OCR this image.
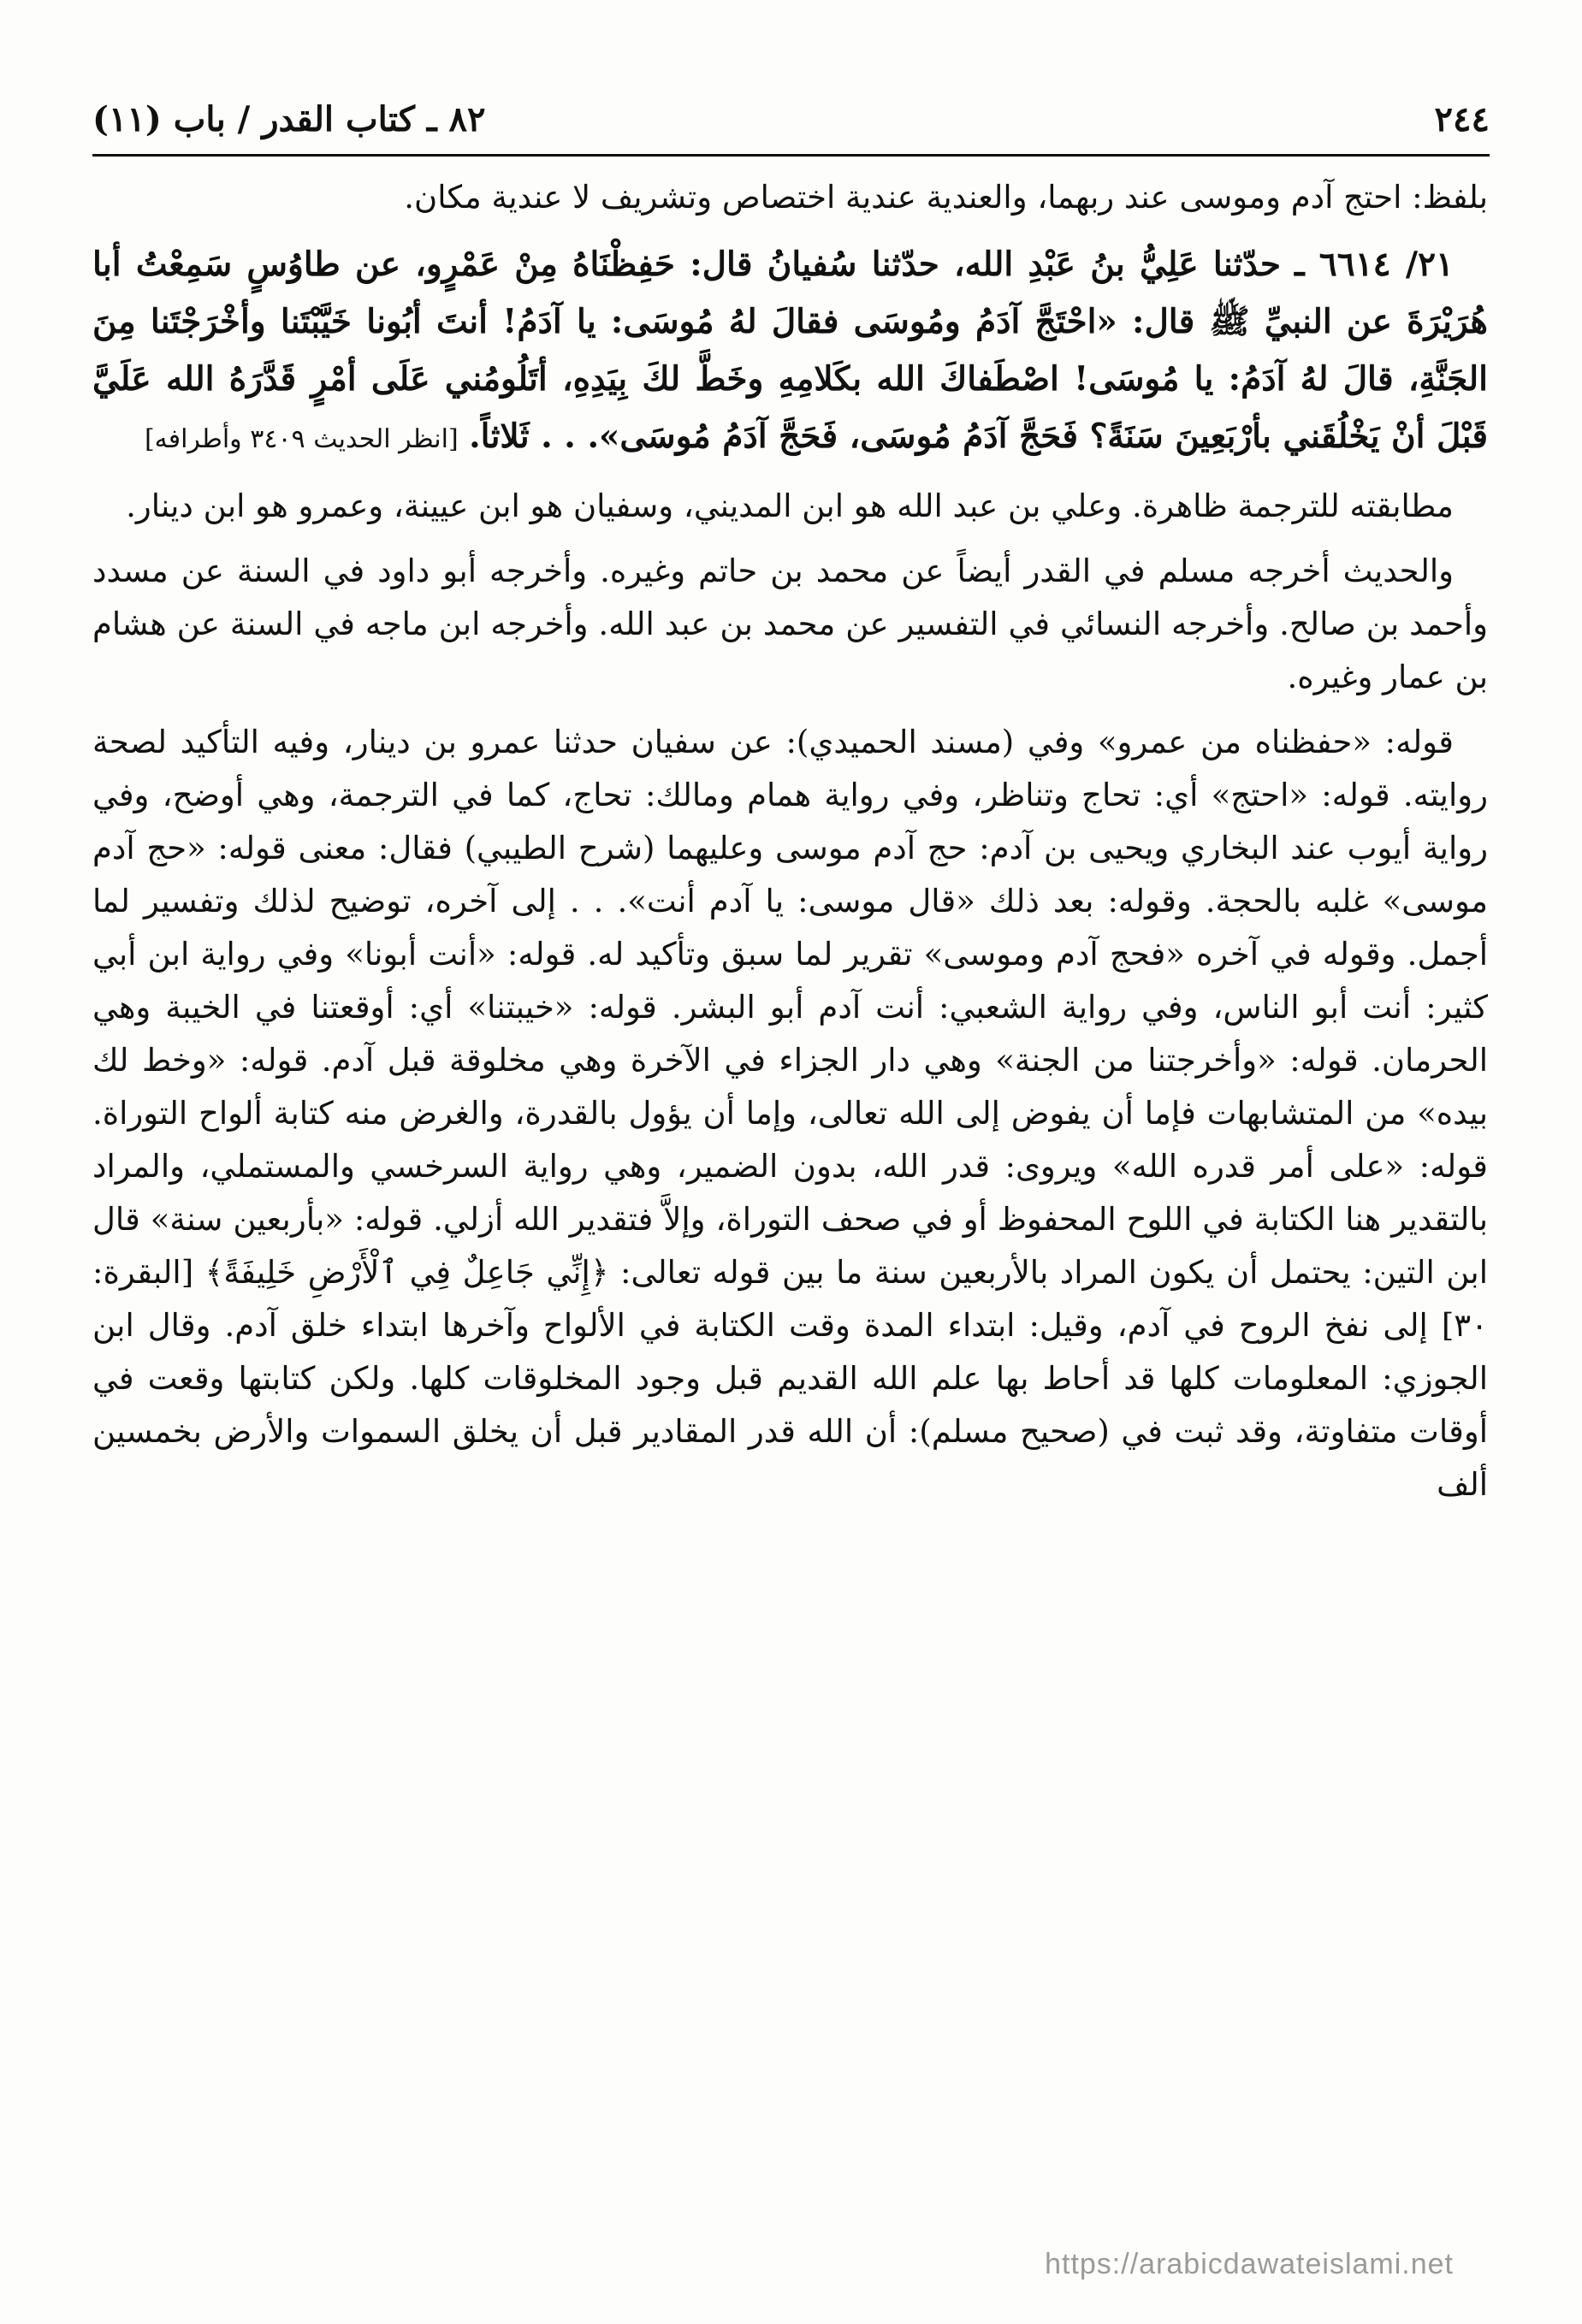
٢٤٤
٨٢ ـ كتاب القدر / باب (١١)

بلفظ: احتج آدم وموسى عند ربهما، والعندية عندية اختصاص وتشريف لا عندية مكان.

٢١/ ٦٦١٤ ـ حدّثنا عَلِيُّ بنُ عَبْدِ الله، حدّثنا سُفيانُ قال: حَفِظْنَاهُ مِنْ عَمْرٍو، عن طاوُسٍ سَمِعْتُ أبا هُرَيْرَةَ عن النبيِّ ﷺ قال: «احْتَجَّ آدَمُ ومُوسَى فقالَ لهُ مُوسَى: يا آدَمُ! أنتَ أبُونا خَيَّبْتَنا وأخْرَجْتَنا مِنَ الجَنَّةِ، قالَ لهُ آدَمُ: يا مُوسَى! اصْطَفاكَ الله بكَلامِهِ وخَطَّ لكَ بِيَدِهِ، أتَلُومُني عَلَى أمْرٍ قَدَّرَهُ الله عَلَيَّ قَبْلَ أنْ يَخْلُقَني بأرْبَعِينَ سَنَةً؟ فَحَجَّ آدَمُ مُوسَى، فَحَجَّ آدَمُ مُوسَى». . . ثَلاثاً. [انظر الحديث ٣٤٠٩ وأطرافه]

مطابقته للترجمة ظاهرة. وعلي بن عبد الله هو ابن المديني، وسفيان هو ابن عيينة، وعمرو هو ابن دينار.

والحديث أخرجه مسلم في القدر أيضاً عن محمد بن حاتم وغيره. وأخرجه أبو داود في السنة عن مسدد وأحمد بن صالح. وأخرجه النسائي في التفسير عن محمد بن عبد الله. وأخرجه ابن ماجه في السنة عن هشام بن عمار وغيره.

قوله: «حفظناه من عمرو» وفي (مسند الحميدي): عن سفيان حدثنا عمرو بن دينار، وفيه التأكيد لصحة روايته. قوله: «احتج» أي: تحاج وتناظر، وفي رواية همام ومالك: تحاج، كما في الترجمة، وهي أوضح، وفي رواية أيوب عند البخاري ويحيى بن آدم: حج آدم موسى وعليهما (شرح الطيبي) فقال: معنى قوله: «حج آدم موسى» غلبه بالحجة. وقوله: بعد ذلك «قال موسى: يا آدم أنت». . . إلى آخره، توضيح لذلك وتفسير لما أجمل. وقوله في آخره «فحج آدم وموسى» تقرير لما سبق وتأكيد له. قوله: «أنت أبونا» وفي رواية ابن أبي كثير: أنت أبو الناس، وفي رواية الشعبي: أنت آدم أبو البشر. قوله: «خيبتنا» أي: أوقعتنا في الخيبة وهي الحرمان. قوله: «وأخرجتنا من الجنة» وهي دار الجزاء في الآخرة وهي مخلوقة قبل آدم. قوله: «وخط لك بيده» من المتشابهات فإما أن يفوض إلى الله تعالى، وإما أن يؤول بالقدرة، والغرض منه كتابة ألواح التوراة. قوله: «على أمر قدره الله» ويروى: قدر الله، بدون الضمير، وهي رواية السرخسي والمستملي، والمراد بالتقدير هنا الكتابة في اللوح المحفوظ أو في صحف التوراة، وإلاَّ فتقدير الله أزلي. قوله: «بأربعين سنة» قال ابن التين: يحتمل أن يكون المراد بالأربعين سنة ما بين قوله تعالى: ﴿إِنِّي جَاعِلٌ فِي ٱلْأَرْضِ خَلِيفَةً﴾ [البقرة: ٣٠] إلى نفخ الروح في آدم، وقيل: ابتداء المدة وقت الكتابة في الألواح وآخرها ابتداء خلق آدم. وقال ابن الجوزي: المعلومات كلها قد أحاط بها علم الله القديم قبل وجود المخلوقات كلها. ولكن كتابتها وقعت في أوقات متفاوتة، وقد ثبت في (صحيح مسلم): أن الله قدر المقادير قبل أن يخلق السموات والأرض بخمسين ألف

https://arabicdawateislami.net
